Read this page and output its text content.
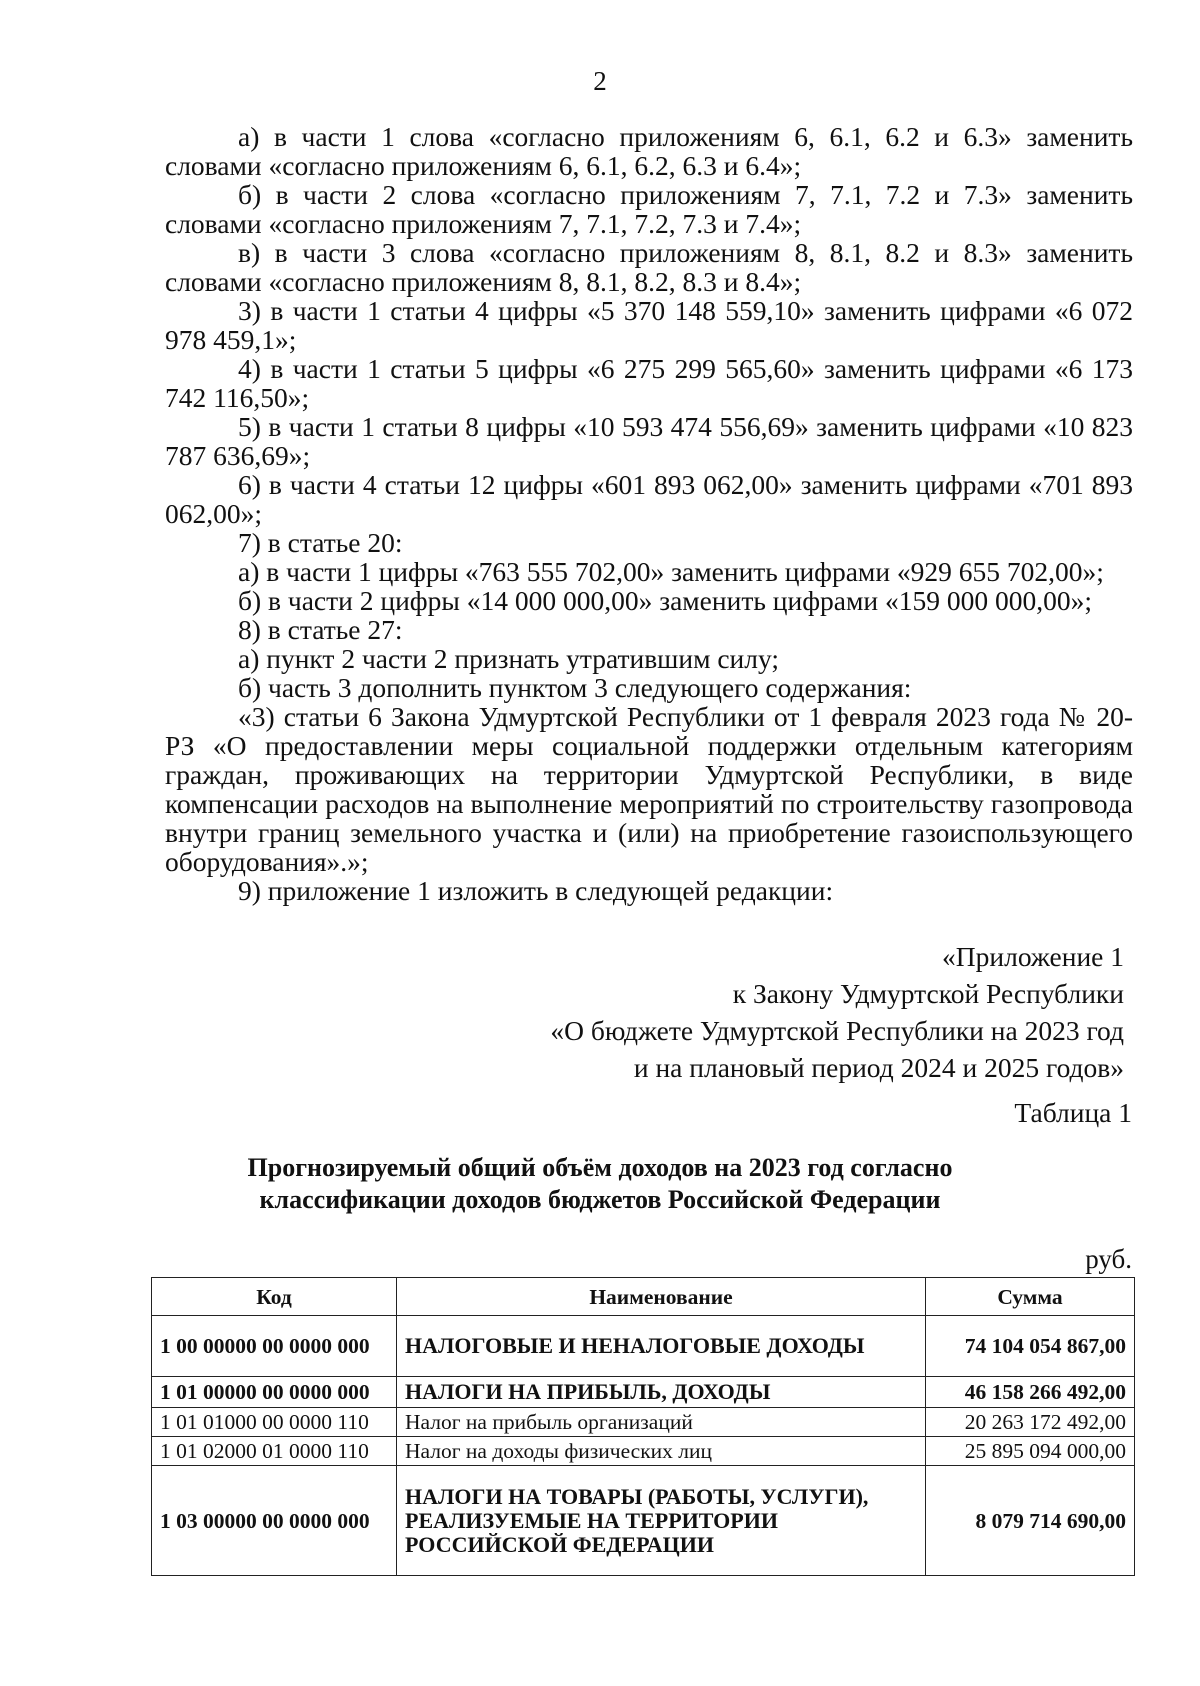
2

а) в части 1 слова «согласно приложениям 6, 6.1, 6.2 и 6.3» заменить словами «согласно приложениям 6, 6.1, 6.2, 6.3 и 6.4»;

б) в части 2 слова «согласно приложениям 7, 7.1, 7.2 и 7.3» заменить словами «согласно приложениям 7, 7.1, 7.2, 7.3 и 7.4»;

в) в части 3 слова «согласно приложениям 8, 8.1, 8.2 и 8.3» заменить словами «согласно приложениям 8, 8.1, 8.2, 8.3 и 8.4»;

3) в части 1 статьи 4 цифры «5 370 148 559,10» заменить цифрами «6 072 978 459,1»;

4) в части 1 статьи 5 цифры «6 275 299 565,60» заменить цифрами «6 173 742 116,50»;

5) в части 1 статьи 8 цифры «10 593 474 556,69» заменить цифрами «10 823 787 636,69»;

6) в части 4 статьи 12 цифры «601 893 062,00» заменить цифрами «701 893 062,00»;

7) в статье 20:

а) в части 1 цифры «763 555 702,00» заменить цифрами «929 655 702,00»;

б) в части 2 цифры «14 000 000,00» заменить цифрами «159 000 000,00»;

8) в статье 27:

а) пункт 2 части 2 признать утратившим силу;

б) часть 3 дополнить пунктом 3 следующего содержания:

«3) статьи 6 Закона Удмуртской Республики от 1 февраля 2023 года № 20-РЗ «О предоставлении меры социальной поддержки отдельным категориям граждан, проживающих на территории Удмуртской Республики, в виде компенсации расходов на выполнение мероприятий по строительству газопровода внутри границ земельного участка и (или) на приобретение газоиспользующего оборудования».»;

9) приложение 1 изложить в следующей редакции:

«Приложение 1
к Закону Удмуртской Республики
«О бюджете Удмуртской Республики на 2023 год
и на плановый период 2024 и 2025 годов»
Таблица 1
Прогнозируемый общий объём доходов на 2023 год согласно
классификации доходов бюджетов Российской Федерации
руб.
Код	Наименование	Сумма
1 00 00000 00 0000 000	НАЛОГОВЫЕ И НЕНАЛОГОВЫЕ ДОХОДЫ	74 104 054 867,00
1 01 00000 00 0000 000	НАЛОГИ НА ПРИБЫЛЬ, ДОХОДЫ	46 158 266 492,00
1 01 01000 00 0000 110	Налог на прибыль организаций	20 263 172 492,00
1 01 02000 01 0000 110	Налог на доходы физических лиц	25 895 094 000,00
1 03 00000 00 0000 000	НАЛОГИ НА ТОВАРЫ (РАБОТЫ, УСЛУГИ), РЕАЛИЗУЕМЫЕ НА ТЕРРИТОРИИ РОССИЙСКОЙ ФЕДЕРАЦИИ	8 079 714 690,00
